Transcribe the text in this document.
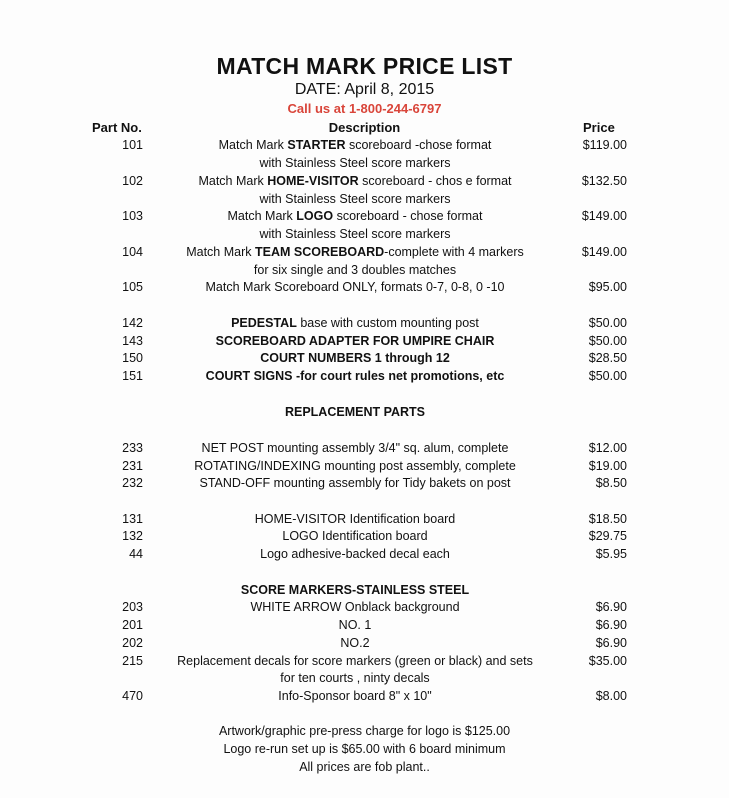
MATCH MARK PRICE LIST
DATE: April 8, 2015
Call us at 1-800-244-6797
Part No.	Description	Price
101	Match Mark STARTER scoreboard -chose format	$119.00
with Stainless Steel score markers
102	Match Mark HOME-VISITOR scoreboard - chos e format	$132.50
with Stainless Steel score markers
103	Match Mark LOGO scoreboard - chose format	$149.00
with Stainless Steel score markers
104	Match Mark TEAM SCOREBOARD-complete with 4 markers	$149.00
for six single and 3 doubles matches
105	Match Mark Scoreboard ONLY, formats 0-7, 0-8, 0 -10	$95.00
142	PEDESTAL base with custom mounting post	$50.00
143	SCOREBOARD ADAPTER FOR UMPIRE CHAIR	$50.00
150	COURT NUMBERS 1 through 12	$28.50
151	COURT SIGNS -for court rules net promotions, etc	$50.00
REPLACEMENT PARTS
233	NET POST mounting assembly 3/4" sq. alum, complete	$12.00
231	ROTATING/INDEXING mounting post assembly, complete	$19.00
232	STAND-OFF mounting assembly for Tidy bakets on post	$8.50
131	HOME-VISITOR Identification board	$18.50
132	LOGO Identification board	$29.75
44	Logo adhesive-backed decal each	$5.95
SCORE MARKERS-STAINLESS STEEL
203	WHITE ARROW Onblack background	$6.90
201	NO. 1	$6.90
202	NO.2	$6.90
215	Replacement decals for score markers (green or black) and sets	$35.00
for ten courts , ninty decals
470	Info-Sponsor board 8" x 10"	$8.00
Artwork/graphic pre-press charge for logo is $125.00
Logo re-run set up is $65.00 with 6 board minimum
All prices are fob plant..
